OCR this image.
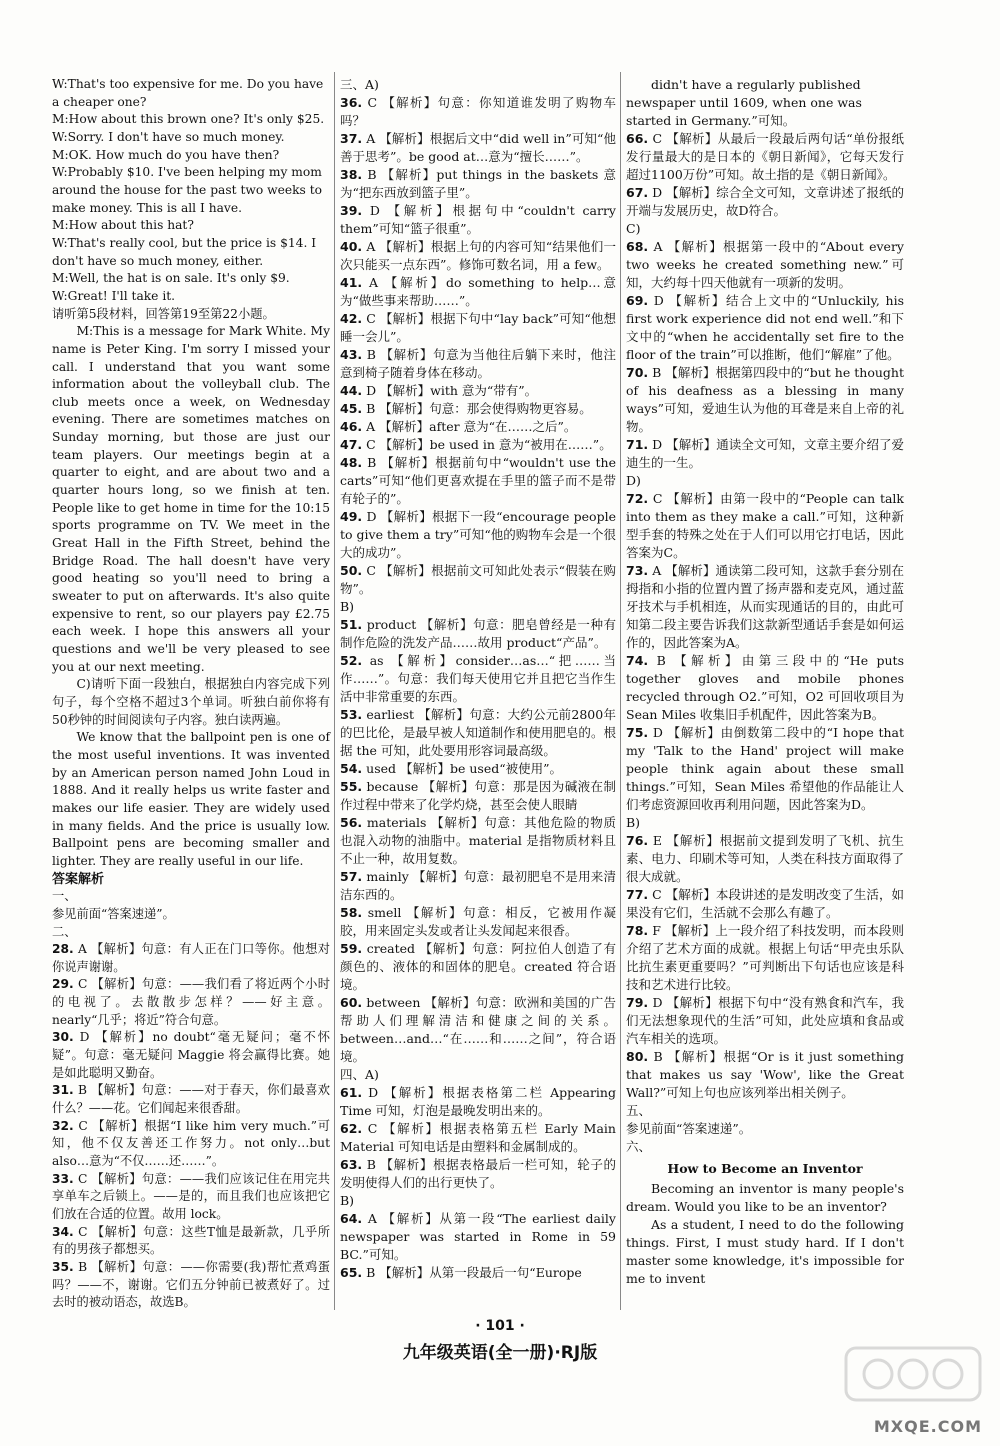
W:That's too expensive for me. Do you have a cheaper one?

M:How about this brown one? It's only $25.

W:Sorry. I don't have so much money.

M:OK. How much do you have then?

W:Probably $10. I've been helping my mom around the house for the past two weeks to make money. This is all I have.

M:How about this hat?

W:That's really cool, but the price is $14. I don't have so much money, either.

M:Well, the hat is on sale. It's only $9.

W:Great! I'll take it.

请听第5段材料，回答第19至第22小题。

M:This is a message for Mark White. My name is Peter King. I'm sorry I missed your call. I understand that you want some information about the volleyball club. The club meets once a week, on Wednesday evening. There are sometimes matches on Sunday morning, but those are just our team players. Our meetings begin at a quarter to eight, and are about two and a quarter hours long, so we finish at ten. People like to get home in time for the 10:15 sports programme on TV. We meet in the Great Hall in the Fifth Street, behind the Bridge Road. The hall doesn't have very good heating so you'll need to bring a sweater to put on afterwards. It's also quite expensive to rent, so our players pay £2.75 each week. I hope this answers all your questions and we'll be very pleased to see you at our next meeting.

C)请听下面一段独白，根据独白内容完成下列句子，每个空格不超过3个单词。听独白前你将有50秒钟的时间阅读句子内容。独白读两遍。

We know that the ballpoint pen is one of the most useful inventions. It was invented by an American person named John Loud in 1888. And it really helps us write faster and makes our life easier. They are widely used in many fields. And the price is usually low. Ballpoint pens are becoming smaller and lighter. They are really useful in our life.

答案解析

一、

参见前面“答案速递”。

二、

28. A 【解析】句意：有人正在门口等你。他想对你说声谢谢。

29. C 【解析】句意：——我们看了将近两个小时的电视了。去散散步怎样？——好主意。nearly“几乎；将近”符合句意。

30. D 【解析】no doubt“毫无疑问；毫不怀疑”。句意：毫无疑问 Maggie 将会赢得比赛。她是如此聪明又勤奋。

31. B 【解析】句意：——对于春天，你们最喜欢什么？——花。它们闻起来很香甜。

32. C 【解析】根据“I like him very much.”可知，他不仅友善还工作努力。not only…but also…意为“不仅……还……”。

33. C 【解析】句意：——我们应该记住在用完共享单车之后锁上。——是的，而且我们也应该把它们放在合适的位置。故用 lock。

34. C 【解析】句意：这些T恤是最新款，几乎所有的男孩子都想买。

35. B 【解析】句意：——你需要(我)帮忙煮鸡蛋吗？——不，谢谢。它们五分钟前已被煮好了。过去时的被动语态，故选B。

三、A)

36. C 【解析】句意：你知道谁发明了购物车吗？

37. A 【解析】根据后文中“did well in”可知“他善于思考”。be good at…意为“擅长……”。

38. B 【解析】put things in the baskets 意为“把东西放到篮子里”。

39. D 【解析】根据句中“couldn't carry them”可知“篮子很重”。

40. A 【解析】根据上句的内容可知“结果他们一次只能买一点东西”。修饰可数名词，用 a few。

41. A 【解析】do something to help…意为“做些事来帮助……”。

42. C 【解析】根据下句中“lay back”可知“他想睡一会儿”。

43. B 【解析】句意为当他往后躺下来时，他注意到椅子随着身体在移动。

44. D 【解析】with 意为“带有”。

45. B 【解析】句意：那会使得购物更容易。

46. A 【解析】after 意为“在……之后”。

47. C 【解析】be used in 意为“被用在……”。

48. B 【解析】根据前句中“wouldn't use the carts”可知“他们更喜欢提在手里的篮子而不是带有轮子的”。

49. D 【解析】根据下一段“encourage people to give them a try”可知“他的购物车会是一个很大的成功”。

50. C 【解析】根据前文可知此处表示“假装在购物”。

B)

51. product 【解析】句意：肥皂曾经是一种有制作危险的洗发产品……故用 product“产品”。

52. as 【解析】consider…as…“把……当作……”。句意：我们每天使用它并且把它当作生活中非常重要的东西。

53. earliest 【解析】句意：大约公元前2800年的巴比伦，是最早被人知道制作和使用肥皂的。根据 the 可知，此处要用形容词最高级。

54. used 【解析】be used“被使用”。

55. because 【解析】句意：那是因为碱液在制作过程中带来了化学灼烧，甚至会使人眼睛

56. materials 【解析】句意：其他危险的物质也混入动物的油脂中。material 是指物质材料且不止一种，故用复数。

57. mainly 【解析】句意：最初肥皂不是用来清洁东西的。

58. smell 【解析】句意：相反，它被用作凝胶，用来固定头发或者让头发闻起来很香。

59. created 【解析】句意：阿拉伯人创造了有颜色的、液体的和固体的肥皂。created 符合语境。

60. between 【解析】句意：欧洲和美国的广告帮助人们理解清洁和健康之间的关系。between…and…“在……和……之间”，符合语境。

四、A)

61. D 【解析】根据表格第二栏 Appearing Time 可知，灯泡是最晚发明出来的。

62. C 【解析】根据表格第五栏 Early Main Material 可知电话是由塑料和金属制成的。

63. B 【解析】根据表格最后一栏可知，轮子的发明使得人们的出行更快了。

B)

64. A 【解析】从第一段“The earliest daily newspaper was started in Rome in 59 BC.”可知。

65. B 【解析】从第一段最后一句“Europe

didn't have a regularly published newspaper until 1609, when one was started in Germany.”可知。

66. C 【解析】从最后一段最后两句话“单份报纸发行量最大的是日本的《朝日新闻》，它每天发行超过1100万份”可知。故土指的是《朝日新闻》。

67. D 【解析】综合全文可知，文章讲述了报纸的开端与发展历史，故D符合。

C)

68. A 【解析】根据第一段中的“About every two weeks he created something new.”可知，大约每十四天他就有一项新的发明。

69. D 【解析】结合上文中的“Unluckily, his first work experience did not end well.”和下文中的“when he accidentally set fire to the floor of the train”可以推断，他们“解雇”了他。

70. B 【解析】根据第四段中的“but he thought of his deafness as a blessing in many ways”可知，爱迪生认为他的耳聋是来自上帝的礼物。

71. D 【解析】通读全文可知，文章主要介绍了爱迪生的一生。

D)

72. C 【解析】由第一段中的“People can talk into them as they make a call.”可知，这种新型手套的特殊之处在于人们可以用它打电话，因此答案为C。

73. A 【解析】通读第二段可知，这款手套分别在拇指和小指的位置内置了扬声器和麦克风，通过蓝牙技术与手机相连，从而实现通话的目的，由此可知第二段主要告诉我们这款新型通话手套是如何运作的，因此答案为A。

74. B 【解析】由第三段中的“He puts together gloves and mobile phones recycled through O2.”可知，O2 可回收项目为 Sean Miles 收集旧手机配件，因此答案为B。

75. D 【解析】由倒数第二段中的“I hope that my 'Talk to the Hand' project will make people think again about these small things.”可知，Sean Miles 希望他的作品能让人们考虑资源回收再利用问题，因此答案为D。

B)

76. E 【解析】根据前文提到发明了飞机、抗生素、电力、印刷术等可知，人类在科技方面取得了很大成就。

77. C 【解析】本段讲述的是发明改变了生活，如果没有它们，生活就不会那么有趣了。

78. F 【解析】上一段介绍了科技发明，而本段则介绍了艺术方面的成就。根据上句话“甲壳虫乐队比抗生素更重要吗？”可判断出下句话也应该是科技和艺术进行比较。

79. D 【解析】根据下句中“没有熟食和汽车，我们无法想象现代的生活”可知，此处应填和食品或汽车相关的选项。

80. B 【解析】根据“Or is it just something that makes us say 'Wow', like the Great Wall?”可知上句也应该列举出相关例子。

五、

参见前面“答案速递”。

六、

How to Become an Inventor

Becoming an inventor is many people's dream. Would you like to be an inventor?

As a student, I need to do the following things. First, I must study hard. If I don't master some knowledge, it's impossible for me to invent

· 101 ·
九年级英语(全一册)·RJ版
MXQE.COM
